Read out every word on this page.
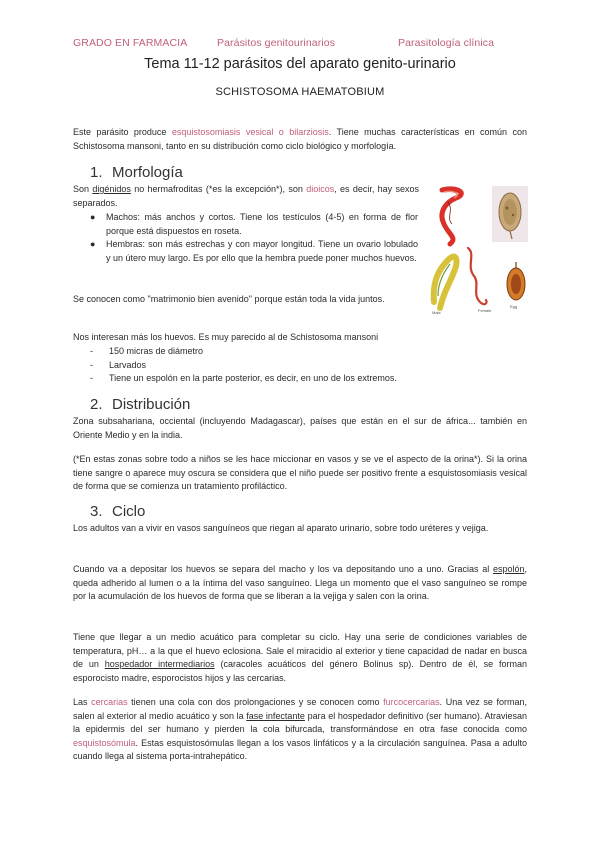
GRADO EN FARMACIA	Parásitos genitourinarios	Parasitología clínica
Tema 11-12 parásitos del aparato genito-urinario
SCHISTOSOMA HAEMATOBIUM
Este parásito produce esquistosomiasis vesical o bilarziosis. Tiene muchas características en común con Schistosoma mansoni, tanto en su distribución como ciclo biológico y morfología.
1. Morfología
Son digénidos no hermafroditas (*es la excepción*), son dioicos, es decir, hay sexos separados.
● Machos: más anchos y cortos. Tiene los testículos (4-5) en forma de flor porque está dispuestos en roseta.
● Hembras: son más estrechas y con mayor longitud. Tiene un ovario lobulado y un útero muy largo. Es por ello que la hembra puede poner muchos huevos.
Male	Female
Egg
Se conocen como "matrimonio bien avenido" porque están toda la vida juntos.
Nos interesan más los huevos. Es muy parecido al de Schistosoma mansoni
- 150 micras de diámetro
- Larvados
- Tiene un espolón en la parte posterior, es decir, en uno de los extremos.
2. Distribución
Zona subsahariana, occiental (incluyendo Madagascar), países que están en el sur de áfrica... también en Oriente Medio y en la india.
(*En estas zonas sobre todo a niños se les hace miccionar en vasos y se ve el aspecto de la orina*). Si la orina tiene sangre o aparece muy oscura se considera que el niño puede ser positivo frente a esquistosomiasis vesical de forma que se comienza un tratamiento profiláctico.
3. Ciclo
Los adultos van a vivir en vasos sanguíneos que riegan al aparato urinario, sobre todo uréteres y vejiga.
Cuando va a depositar los huevos se separa del macho y los va depositando uno a uno. Gracias al espolón, queda adherido al lumen o a la íntima del vaso sanguíneo. Llega un momento que el vaso sanguíneo se rompe por la acumulación de los huevos de forma que se liberan a la vejiga y salen con la orina.
Tiene que llegar a un medio acuático para completar su ciclo. Hay una serie de condiciones variables de temperatura, pH… a la que el huevo eclosiona. Sale el miracidio al exterior y tiene capacidad de nadar en busca de un hospedador intermediarios (caracoles acuáticos del género Bolinus sp). Dentro de él, se forman esporocisto madre, esporocistos hijos y las cercarias.
Las cercarias tienen una cola con dos prolongaciones y se conocen como furcocercarias. Una vez se forman, salen al exterior al medio acuático y son la fase infectante para el hospedador definitivo (ser humano). Atraviesan la epidermis del ser humano y pierden la cola bifurcada, transformándose en otra fase conocida como esquistosómula. Estas esquistosómulas llegan a los vasos linfáticos y a la circulación sanguínea. Pasa a adulto cuando llega al sistema porta-intrahepático.
